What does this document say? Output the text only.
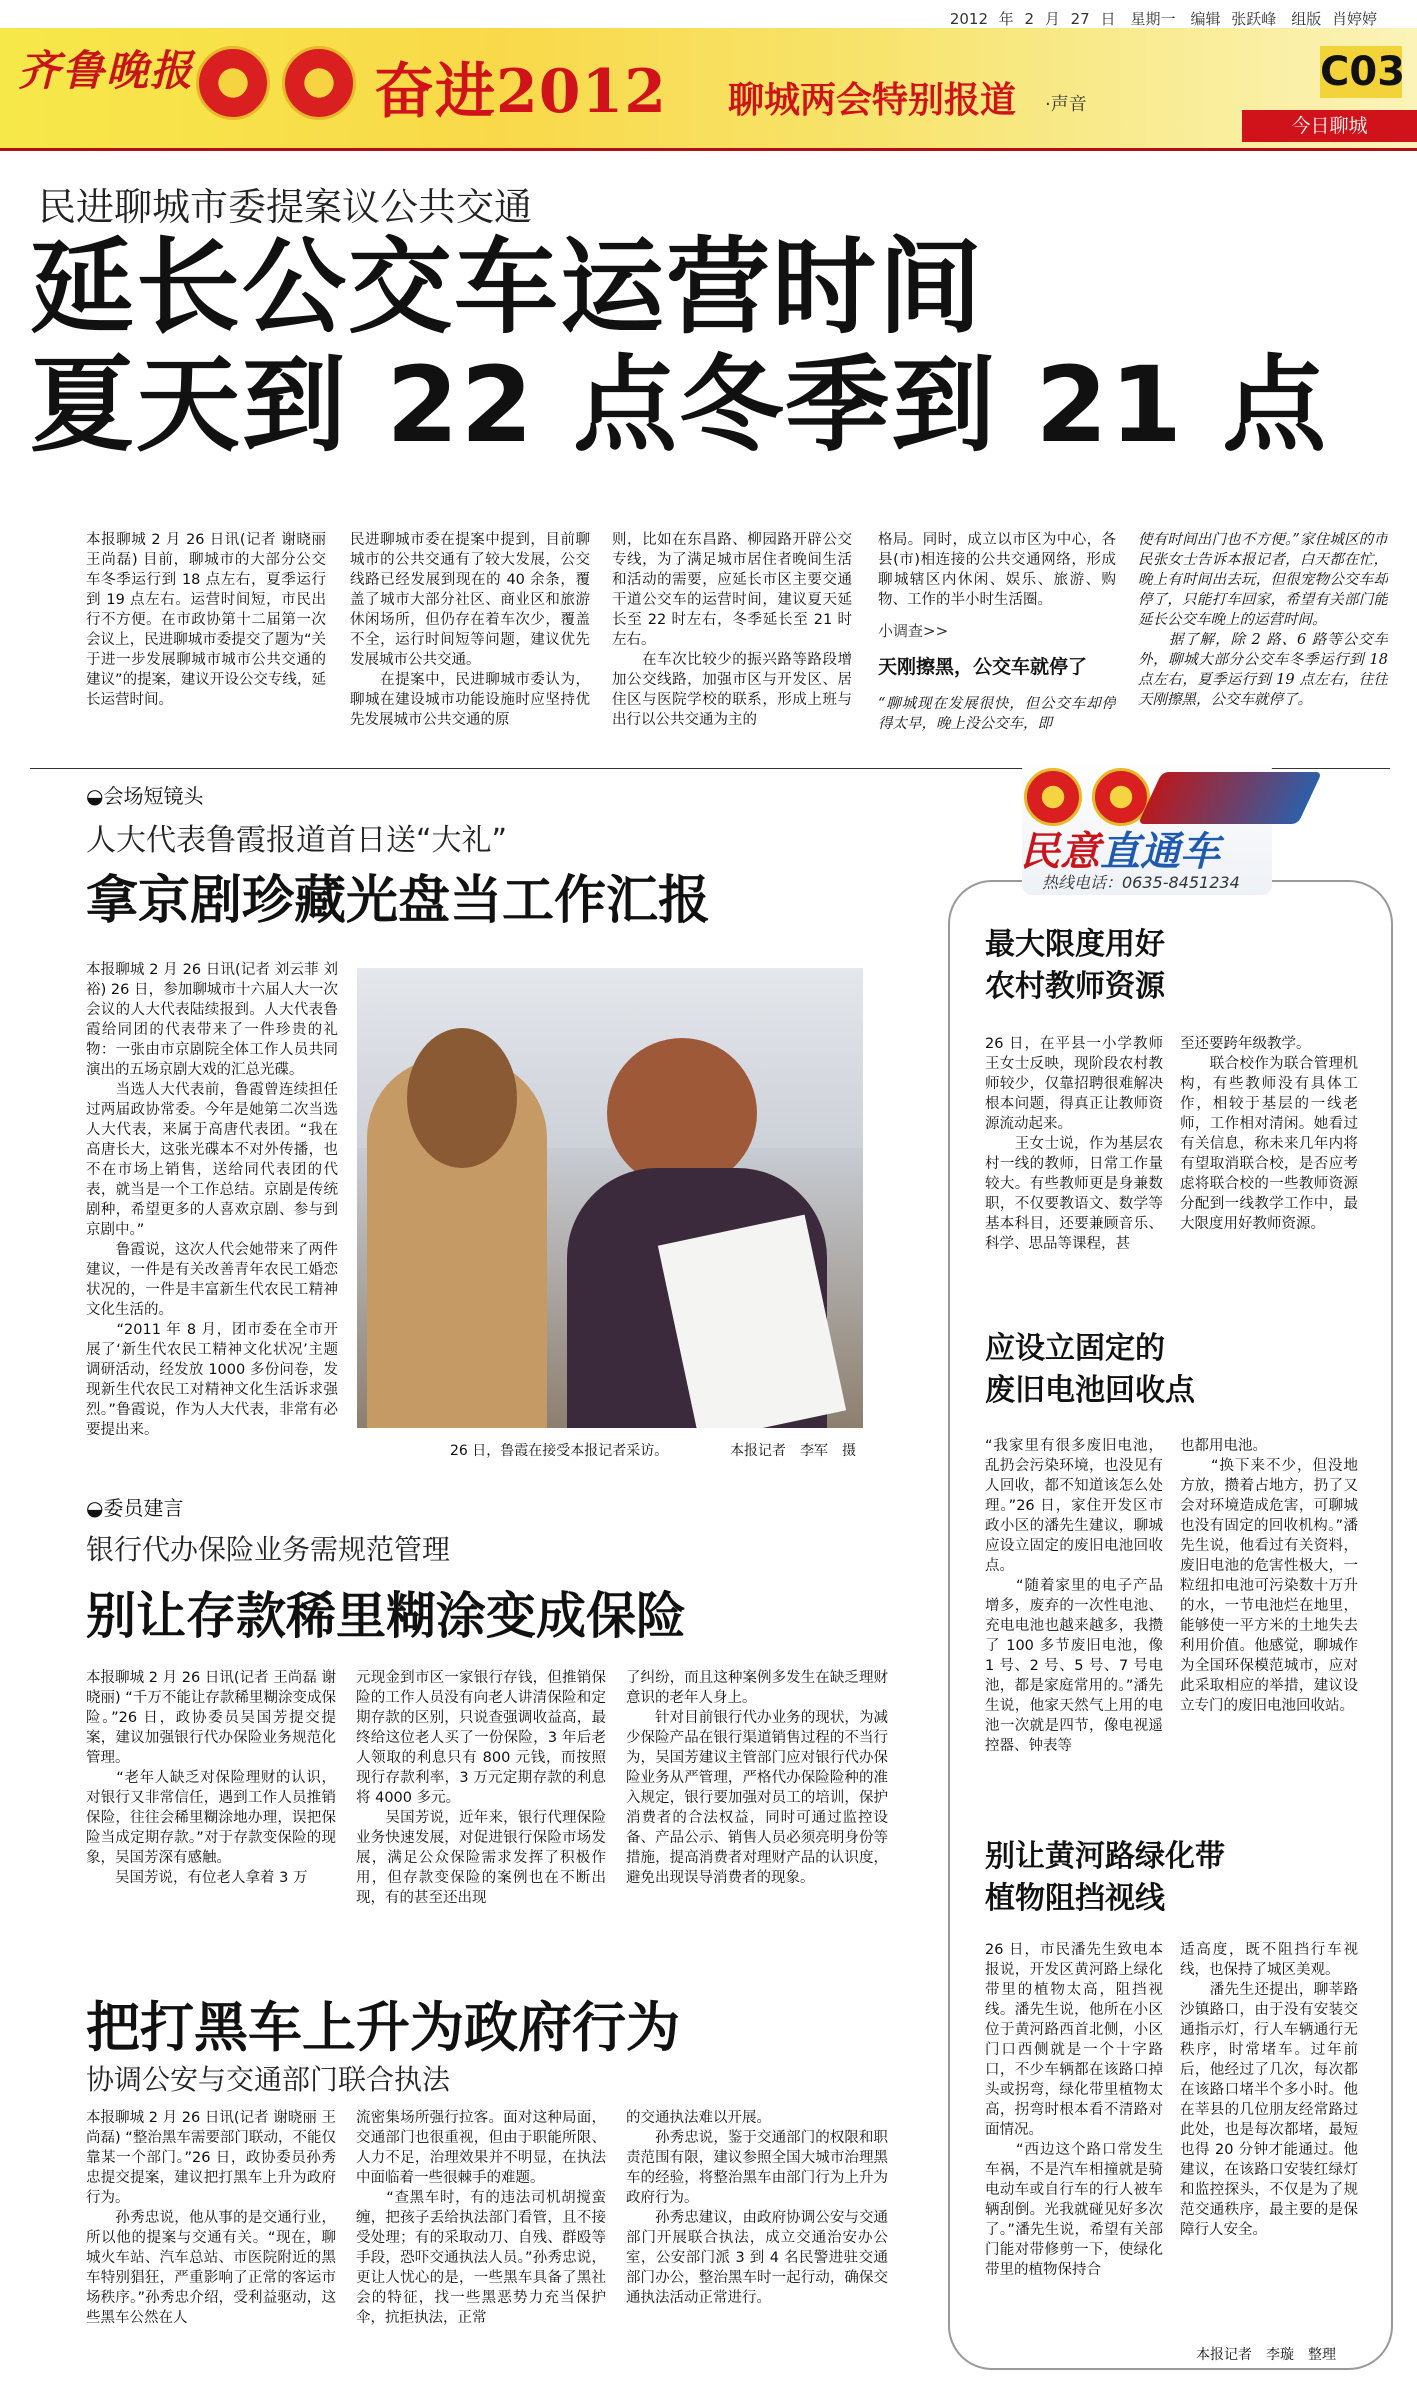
2012 年 2 月 27 日　星期一　编辑 张跃峰　组版 肖婷婷
齐鲁晚报	奋进2012 聊城两会特别报道 ·声音
C03
今日聊城
民进聊城市委提案议公共交通
延长公交车运营时间
夏天到 22 点冬季到 21 点
本报聊城 2 月 26 日讯(记者 谢晓丽 王尚磊) 目前，聊城市的大部分公交车冬季运行到 18 点左右，夏季运行到 19 点左右。运营时间短，市民出行不方便。在市政协第十二届第一次会议上，民进聊城市委提交了题为“关于进一步发展聊城市城市公共交通的建议”的提案，建议开设公交专线，延长运营时间。
民进聊城市委在提案中提到，目前聊城市的公共交通有了较大发展，公交线路已经发展到现在的 40 余条，覆盖了城市大部分社区、商业区和旅游休闲场所，但仍存在着车次少，覆盖不全，运行时间短等问题，建议优先发展城市公共交通。
　　在提案中，民进聊城市委认为，聊城在建设城市功能设施时应坚持优先发展城市公共交通的原
则，比如在东昌路、柳园路开辟公交专线，为了满足城市居住者晚间生活和活动的需要，应延长市区主要交通干道公交车的运营时间，建议夏天延长至 22 时左右，冬季延长至 21 时左右。
　　在车次比较少的振兴路等路段增加公交线路，加强市区与开发区、居住区与医院学校的联系，形成上班与出行以公共交通为主的
格局。同时，成立以市区为中心，各县(市)相连接的公共交通网络，形成聊城辖区内休闲、娱乐、旅游、购物、工作的半小时生活圈。
小调查>>
天刚擦黑，公交车就停了
“聊城现在发展很快，但公交车却停得太早，晚上没公交车，即
使有时间出门也不方便。”家住城区的市民张女士告诉本报记者，白天都在忙，晚上有时间出去玩，但很宠物公交车却停了，只能打车回家，希望有关部门能延长公交车晚上的运营时间。
　　据了解，除 2 路、6 路等公交车外，聊城大部分公交车冬季运行到 18 点左右，夏季运行到 19 点左右，往往天刚擦黑，公交车就停了。
◒会场短镜头
人大代表鲁霞报道首日送“大礼”
拿京剧珍藏光盘当工作汇报
本报聊城 2 月 26 日讯(记者 刘云菲 刘裕) 26 日，参加聊城市十六届人大一次会议的人大代表陆续报到。人大代表鲁霞给同团的代表带来了一件珍贵的礼物：一张由市京剧院全体工作人员共同演出的五场京剧大戏的汇总光碟。
　　当选人大代表前，鲁霞曾连续担任过两届政协常委。今年是她第二次当选人大代表，来属于高唐代表团。“我在高唐长大，这张光碟本不对外传播，也不在市场上销售，送给同代表团的代表，就当是一个工作总结。京剧是传统剧种，希望更多的人喜欢京剧、参与到京剧中。”
　　鲁霞说，这次人代会她带来了两件建议，一件是有关改善青年农民工婚恋状况的，一件是丰富新生代农民工精神文化生活的。
　　“2011 年 8 月，团市委在全市开展了‘新生代农民工精神文化状况’主题调研活动，经发放 1000 多份问卷，发现新生代农民工对精神文化生活诉求强烈。”鲁霞说，作为人大代表，非常有必要提出来。
26 日，鲁霞在接受本报记者采访。	本报记者　李军　摄
◒委员建言
银行代办保险业务需规范管理
别让存款稀里糊涂变成保险
本报聊城 2 月 26 日讯(记者 王尚磊 谢晓丽) “千万不能让存款稀里糊涂变成保险。”26 日，政协委员吴国芳提交提案，建议加强银行代办保险业务规范化管理。
　　“老年人缺乏对保险理财的认识，对银行又非常信任，遇到工作人员推销保险，往往会稀里糊涂地办理，误把保险当成定期存款。”对于存款变保险的现象，吴国芳深有感触。
　　吴国芳说，有位老人拿着 3 万
元现金到市区一家银行存钱，但推销保险的工作人员没有向老人讲清保险和定期存款的区别，只说查强调收益高，最终给这位老人买了一份保险，3 年后老人领取的利息只有 800 元钱，而按照现行存款利率，3 万元定期存款的利息将 4000 多元。
　　吴国芳说，近年来，银行代理保险业务快速发展，对促进银行保险市场发展，满足公众保险需求发挥了积极作用，但存款变保险的案例也在不断出现，有的甚至还出现
了纠纷，而且这种案例多发生在缺乏理财意识的老年人身上。
　　针对目前银行代办业务的现状，为减少保险产品在银行渠道销售过程的不当行为，吴国芳建议主管部门应对银行代办保险业务从严管理，严格代办保险险种的准入规定，银行要加强对员工的培训，保护消费者的合法权益，同时可通过监控设备、产品公示、销售人员必须亮明身份等措施，提高消费者对理财产品的认识度，避免出现误导消费者的现象。
把打黑车上升为政府行为
协调公安与交通部门联合执法
本报聊城 2 月 26 日讯(记者 谢晓丽 王尚磊) “整治黑车需要部门联动，不能仅靠某一个部门。”26 日，政协委员孙秀忠提交提案，建议把打黑车上升为政府行为。
　　孙秀忠说，他从事的是交通行业，所以他的提案与交通有关。“现在，聊城火车站、汽车总站、市医院附近的黑车特别猖狂，严重影响了正常的客运市场秩序。”孙秀忠介绍，受利益驱动，这些黑车公然在人
流密集场所强行拉客。面对这种局面，交通部门也很重视，但由于职能所限、人力不足，治理效果并不明显，在执法中面临着一些很棘手的难题。
　　“查黑车时，有的违法司机胡搅蛮缠，把孩子丢给执法部门看管，且不接受处理；有的采取动刀、自残、群殴等手段，恐吓交通执法人员。”孙秀忠说，更让人忧心的是，一些黑车具备了黑社会的特征，找一些黑恶势力充当保护伞，抗拒执法，正常
的交通执法难以开展。
　　孙秀忠说，鉴于交通部门的权限和职责范围有限，建议参照全国大城市治理黑车的经验，将整治黑车由部门行为上升为政府行为。
　　孙秀忠建议，由政府协调公安与交通部门开展联合执法，成立交通治安办公室，公安部门派 3 到 4 名民警进驻交通部门办公，整治黑车时一起行动，确保交通执法活动正常进行。
民意直通车
热线电话：0635-8451234
最大限度用好
农村教师资源
26 日，在平县一小学教师王女士反映，现阶段农村教师较少，仅靠招聘很难解决根本问题，得真正让教师资源流动起来。
　　王女士说，作为基层农村一线的教师，日常工作量较大。有些教师更是身兼数职，不仅要教语文、数学等基本科目，还要兼顾音乐、科学、思品等课程，甚
至还要跨年级教学。
　　联合校作为联合管理机构，有些教师没有具体工作，相较于基层的一线老师，工作相对清闲。她看过有关信息，称未来几年内将有望取消联合校，是否应考虑将联合校的一些教师资源分配到一线教学工作中，最大限度用好教师资源。
应设立固定的
废旧电池回收点
“我家里有很多废旧电池，乱扔会污染环境，也没见有人回收，都不知道该怎么处理。”26 日，家住开发区市政小区的潘先生建议，聊城应设立固定的废旧电池回收点。
　　“随着家里的电子产品增多，废弃的一次性电池、充电电池也越来越多，我攒了 100 多节废旧电池，像 1 号、2 号、5 号、7 号电池，都是家庭常用的。”潘先生说，他家天然气上用的电池一次就是四节，像电视遥控器、钟表等
也都用电池。
　　“换下来不少，但没地方放，攒着占地方，扔了又会对环境造成危害，可聊城也没有固定的回收机构。”潘先生说，他看过有关资料，废旧电池的危害性极大，一粒纽扣电池可污染数十万升的水，一节电池烂在地里，能够使一平方米的土地失去利用价值。他感觉，聊城作为全国环保模范城市，应对此采取相应的举措，建议设立专门的废旧电池回收站。
别让黄河路绿化带
植物阻挡视线
26 日，市民潘先生致电本报说，开发区黄河路上绿化带里的植物太高，阻挡视线。潘先生说，他所在小区位于黄河路西首北侧，小区门口西侧就是一个十字路口，不少车辆都在该路口掉头或拐弯，绿化带里植物太高，拐弯时根本看不清路对面情况。
　　“西边这个路口常发生车祸，不是汽车相撞就是骑电动车或自行车的行人被车辆刮倒。光我就碰见好多次了。”潘先生说，希望有关部门能对带修剪一下，使绿化带里的植物保持合
适高度，既不阻挡行车视线，也保持了城区美观。
　　潘先生还提出，聊莘路沙镇路口，由于没有安装交通指示灯，行人车辆通行无秩序，时常堵车。过年前后，他经过了几次，每次都在该路口堵半个多小时。他在莘县的几位朋友经常路过此处，也是每次都堵，最短也得 20 分钟才能通过。他建议，在该路口安装红绿灯和监控探头，不仅是为了规范交通秩序，最主要的是保障行人安全。
本报记者　李璇　整理
